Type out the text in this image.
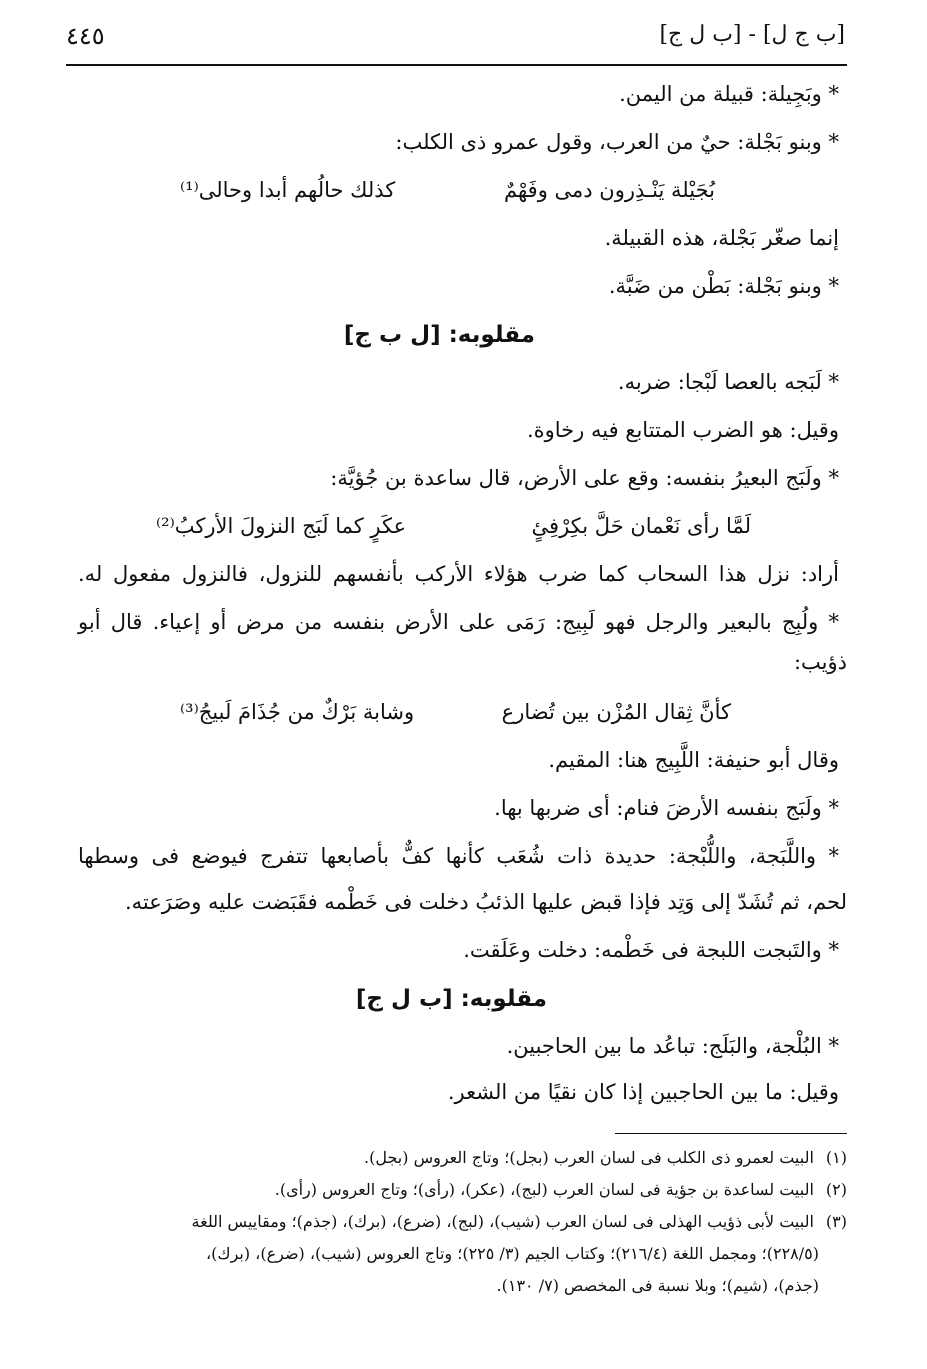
[ب ج ل] - [ب ل ج]
٤٤٥
* وبَجِيلة: قبيلة من اليمن.
* وبنو بَجْلة: حيٌ من العرب، وقول عمرو ذى الكلب:
بُجَيْلة يَنْـذِرون دمى وفَهْمٌ
كذلك حالُهم أبدا وحالى⁽¹⁾
إنما صغّر بَجْلة، هذه القبيلة.
* وبنو بَجْلة: بَطْن من ضَبَّة.
مقلوبه: [ل ب ج]
* لَبَجه بالعصا لَبْجا: ضربه.
وقيل: هو الضرب المتتابع فيه رخاوة.
* ولَبَج البعيرُ بنفسه: وقع على الأرض، قال ساعدة بن جُؤيَّة:
لَمَّا رأى نَعْمان حَلَّ بكِرْفِئٍ
عكَرٍ كما لَبَج النزولَ الأركبُ⁽²⁾
أراد: نزل هذا السحاب كما ضرب هؤلاء الأركب بأنفسهم للنزول، فالنزول مفعول له.
* ولُبِج بالبعير والرجل فهو لَبِيج: رَمَى على الأرض بنفسه من مرض أو إعياء. قال أبو
ذؤيب:
كأنَّ ثِقال المُزْن بين تُضارع
وشابة بَرْكٌ من جُذَامَ لَبيجُ⁽³⁾
وقال أبو حنيفة: اللَّبِيج هنا: المقيم.
* ولَبَج بنفسه الأرضَ فنام: أى ضربها بها.
* واللَّبَجة، واللُّبْجة: حديدة ذات شُعَب كأنها كفٌّ بأصابعها تتفرج فيوضع فى وسطها
لحم، ثم تُشَدّ إلى وَتِد فإذا قبض عليها الذئبُ دخلت فى خَطْمه فقَبَضت عليه وصَرَعته.
* والتَبجت اللبجة فى خَطْمه: دخلت وعَلَقت.
مقلوبه: [ب ل ج]
* البُلْجة، والبَلَج: تباعُد ما بين الحاجبين.
وقيل: ما بين الحاجبين إذا كان نقيًا من الشعر.
(١) البيت لعمرو ذى الكلب فى لسان العرب (بجل)؛ وتاج العروس (بجل).
(٢) البيت لساعدة بن جؤية فى لسان العرب (لبج)، (عكر)، (رأى)؛ وتاج العروس (رأى).
(٣) البيت لأبى ذؤيب الهذلى فى لسان العرب (شيب)، (لبج)، (ضرع)، (برك)، (جذم)؛ ومقاييس اللغة
(٢٢٨/٥)؛ ومجمل اللغة (٢١٦/٤)؛ وكتاب الجيم (٣/ ٢٢٥)؛ وتاج العروس (شيب)، (ضرع)، (برك)،
(جذم)، (شيم)؛ وبلا نسبة فى المخصص (٧/ ١٣٠).
